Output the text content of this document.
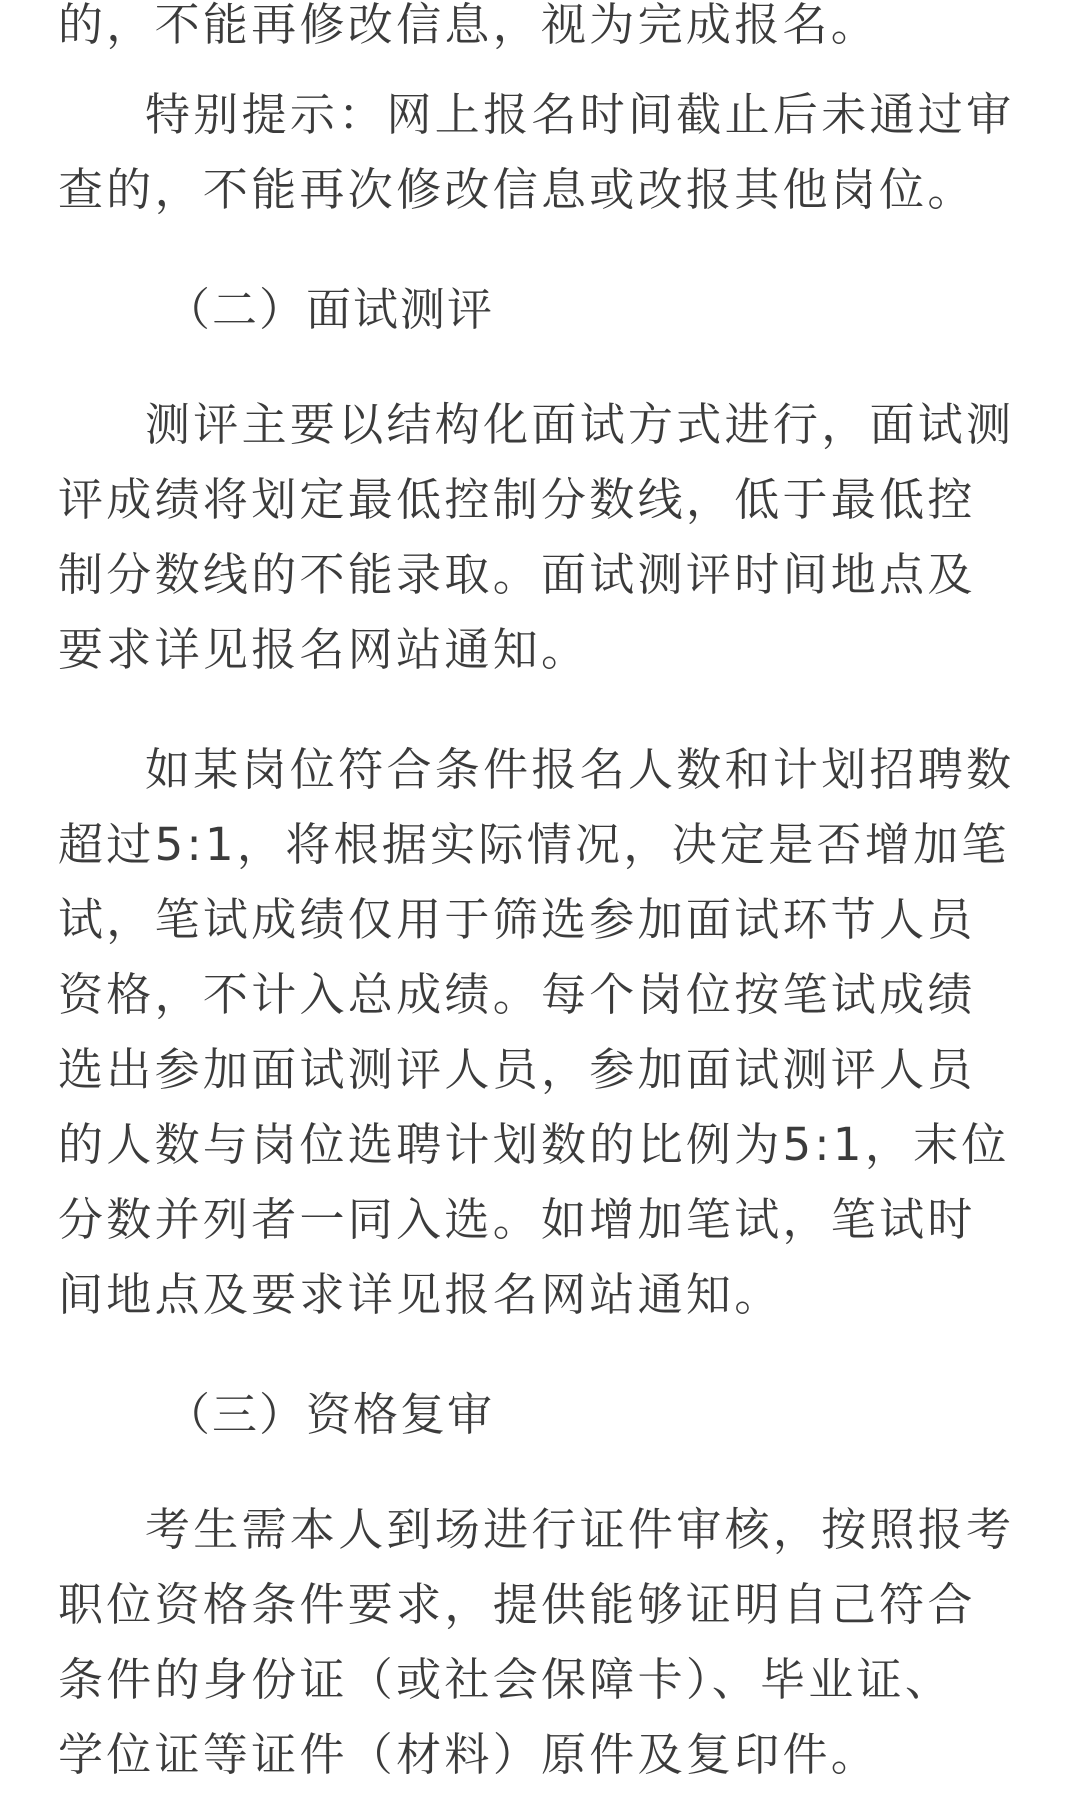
的，不能再修改信息，视为完成报名。

特别提示：网上报名时间截止后未通过审

查的，不能再次修改信息或改报其他岗位。

（二）面试测评

测评主要以结构化面试方式进行，面试测

评成绩将划定最低控制分数线，低于最低控

制分数线的不能录取。面试测评时间地点及

要求详见报名网站通知。

如某岗位符合条件报名人数和计划招聘数

超过5:1，将根据实际情况，决定是否增加笔

试，笔试成绩仅用于筛选参加面试环节人员

资格，不计入总成绩。每个岗位按笔试成绩

选出参加面试测评人员，参加面试测评人员

的人数与岗位选聘计划数的比例为5:1，末位

分数并列者一同入选。如增加笔试，笔试时

间地点及要求详见报名网站通知。

（三）资格复审

考生需本人到场进行证件审核，按照报考

职位资格条件要求，提供能够证明自己符合

条件的身份证（或社会保障卡）、毕业证、

学位证等证件（材料）原件及复印件。
